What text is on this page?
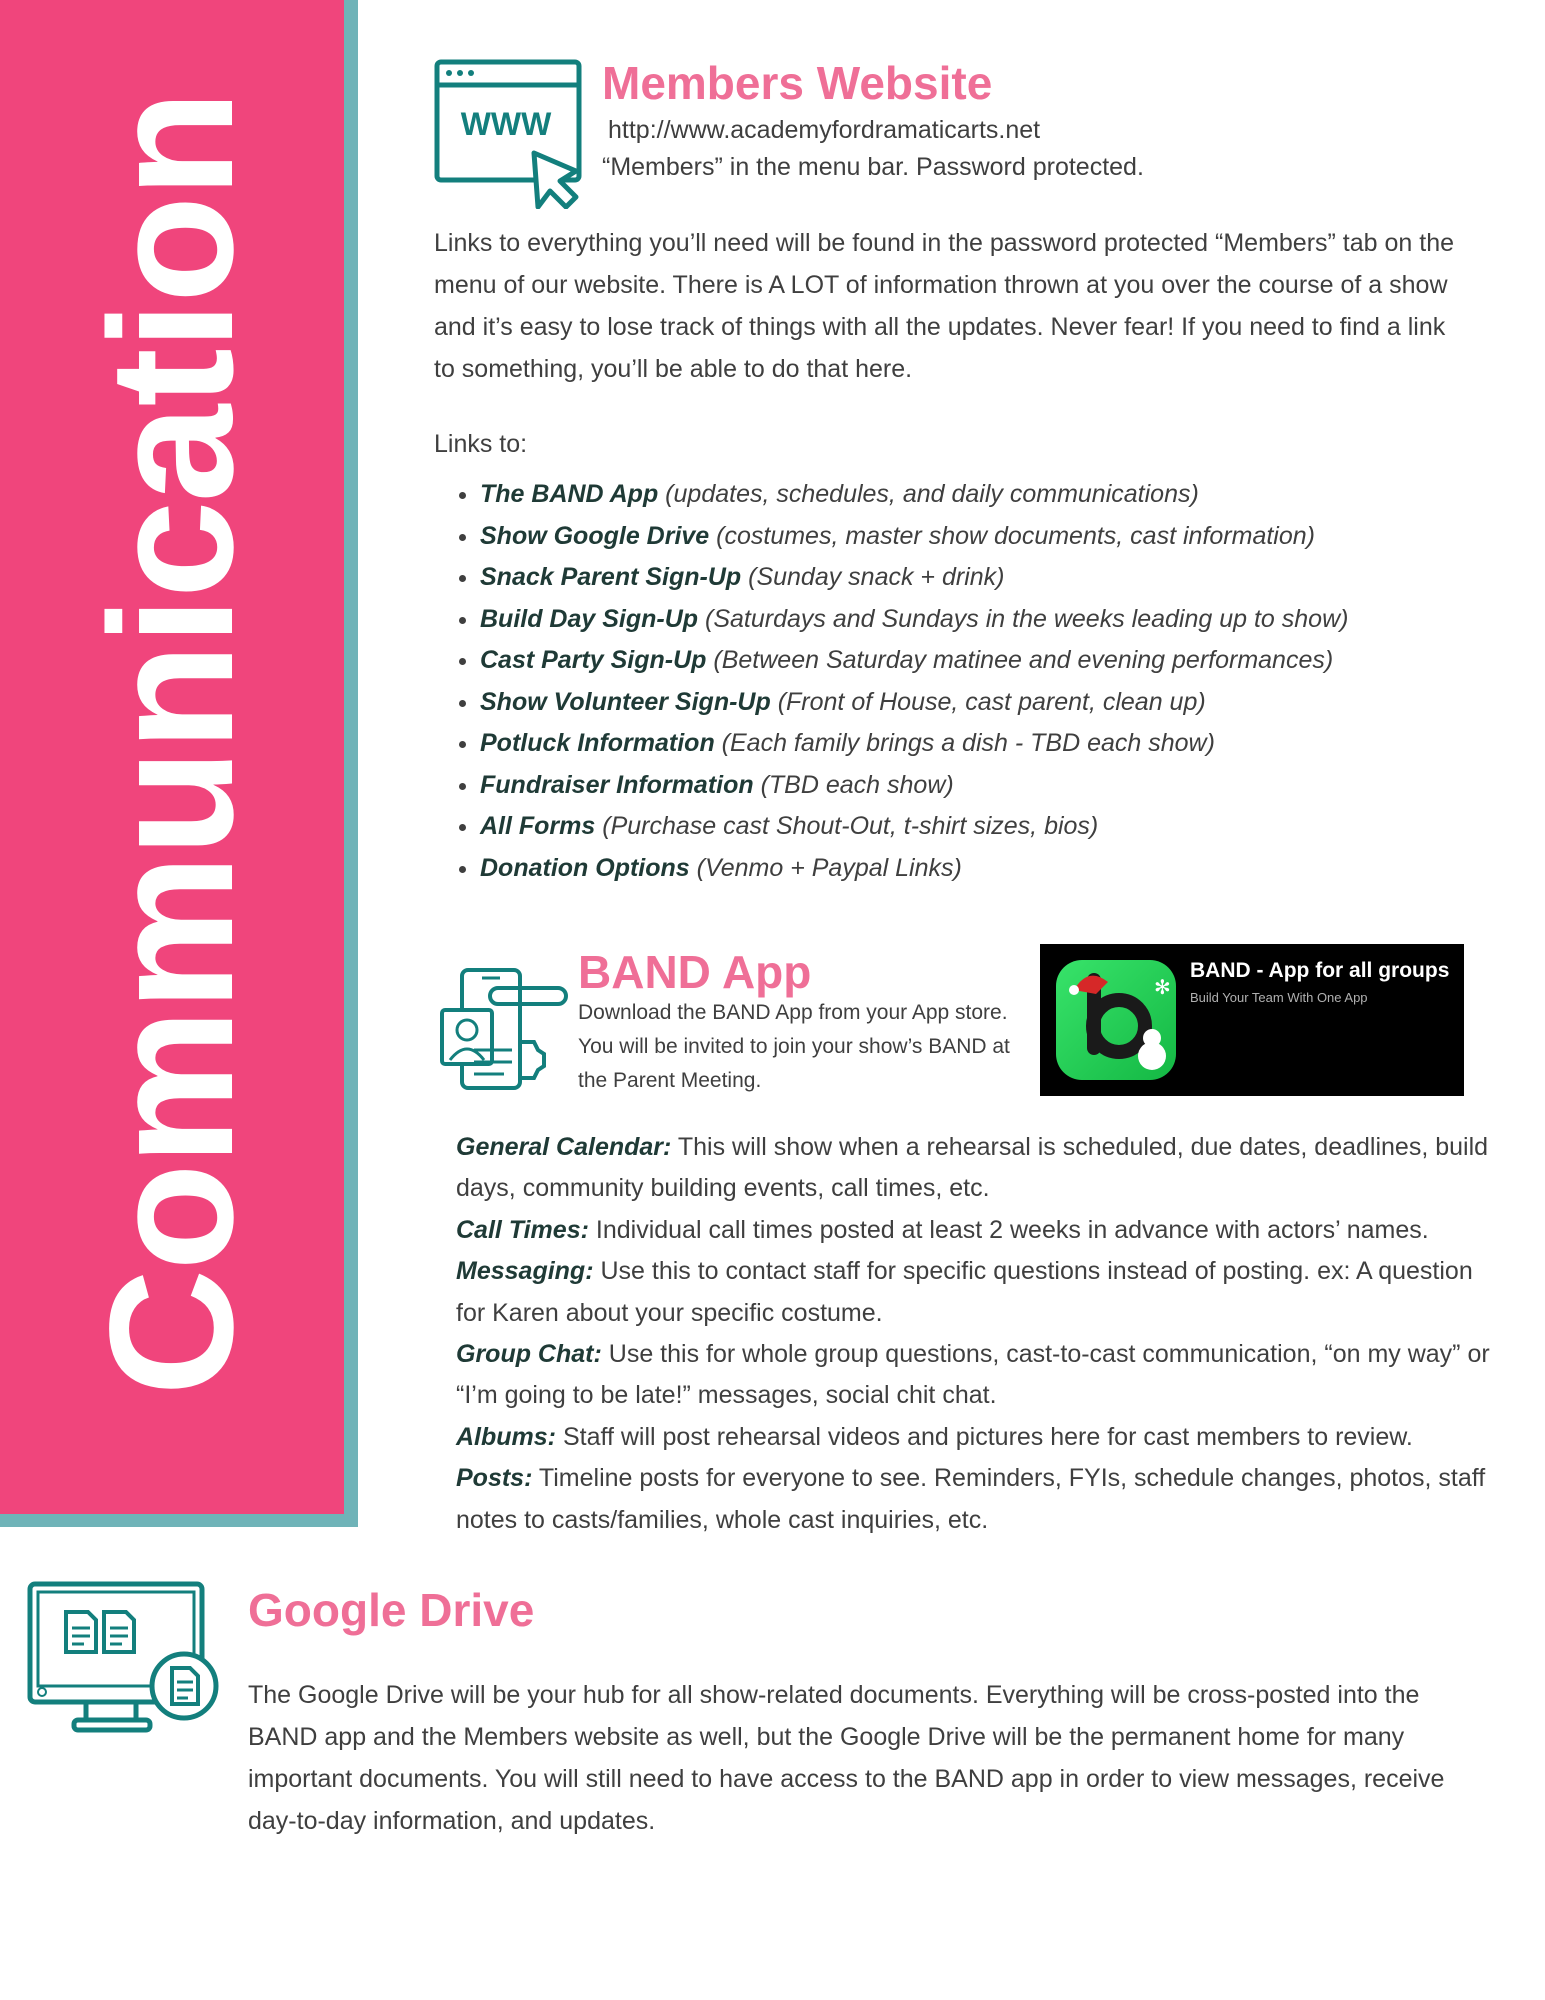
Communication	WWW
Members Website
http://www.academyfordramaticarts.net
“Members” in the menu bar. Password protected.
Links to everything you’ll need will be found in the password protected “Members” tab on the menu of our website. There is A LOT of information thrown at you over the course of a show and it’s easy to lose track of things with all the updates. Never fear! If you need to find a link to something, you’ll be able to do that here.
Links to:
• The BAND App (updates, schedules, and daily communications)
• Show Google Drive (costumes, master show documents, cast information)
• Snack Parent Sign-Up (Sunday snack + drink)
• Build Day Sign-Up (Saturdays and Sundays in the weeks leading up to show)
• Cast Party Sign-Up (Between Saturday matinee and evening performances)
• Show Volunteer Sign-Up (Front of House, cast parent, clean up)
• Potluck Information (Each family brings a dish - TBD each show)
• Fundraiser Information (TBD each show)
• All Forms (Purchase cast Shout-Out, t-shirt sizes, bios)
• Donation Options (Venmo + Paypal Links)
BAND App
Download the BAND App from your App store. You will be invited to join your show’s BAND at the Parent Meeting.
✻
BAND - App for all groups
Build Your Team With One App
General Calendar: This will show when a rehearsal is scheduled, due dates, deadlines, build days, community building events, call times, etc.
Call Times: Individual call times posted at least 2 weeks in advance with actors’ names.
Messaging: Use this to contact staff for specific questions instead of posting. ex: A question for Karen about your specific costume.
Group Chat: Use this for whole group questions, cast-to-cast communication, “on my way” or “I’m going to be late!” messages, social chit chat.
Albums: Staff will post rehearsal videos and pictures here for cast members to review.
Posts: Timeline posts for everyone to see. Reminders, FYIs, schedule changes, photos, staff notes to casts/families, whole cast inquiries, etc.
Google Drive
The Google Drive will be your hub for all show-related documents. Everything will be cross-posted into the BAND app and the Members website as well, but the Google Drive will be the permanent home for many important documents. You will still need to have access to the BAND app in order to view messages, receive day-to-day information, and updates.
